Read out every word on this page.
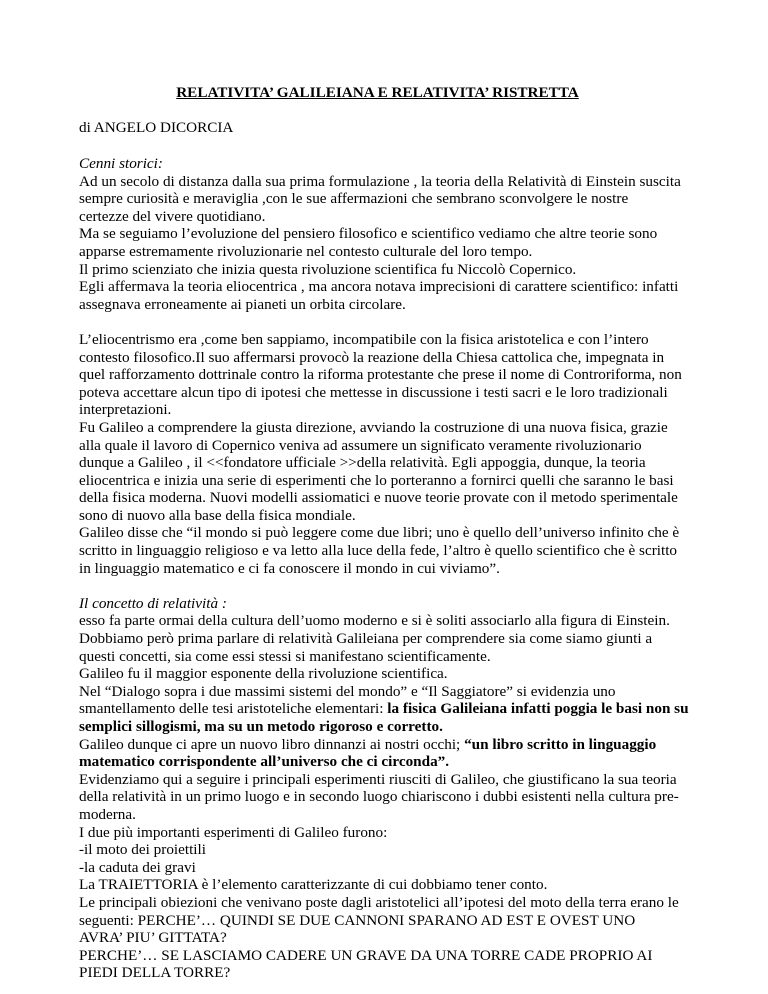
RELATIVITA’ GALILEIANA E RELATIVITA’ RISTRETTA

di ANGELO DICORCIA

Cenni storici:
Ad un secolo di distanza dalla sua prima formulazione , la teoria della Relatività di Einstein suscita
sempre curiosità e meraviglia ,con le sue affermazioni che sembrano sconvolgere le nostre
certezze del vivere quotidiano.
Ma se seguiamo l’evoluzione del pensiero filosofico e scientifico vediamo che altre teorie sono
apparse estremamente rivoluzionarie nel contesto culturale del loro tempo.
Il primo scienziato che inizia questa rivoluzione scientifica fu Niccolò Copernico.
Egli affermava la teoria eliocentrica , ma ancora notava imprecisioni di carattere scientifico: infatti
assegnava erroneamente ai pianeti un orbita circolare.
L’eliocentrismo era ,come ben sappiamo, incompatibile con la fisica aristotelica e con l’intero
contesto filosofico.Il suo affermarsi provocò la reazione della Chiesa cattolica che, impegnata in
quel rafforzamento dottrinale contro la riforma protestante che prese il nome di Controriforma, non
poteva accettare alcun tipo di ipotesi che mettesse in discussione i testi sacri e le loro tradizionali
interpretazioni.
Fu Galileo a comprendere la giusta direzione, avviando la costruzione di una nuova fisica, grazie
alla quale il lavoro di Copernico veniva ad assumere un significato veramente rivoluzionario
dunque a Galileo , il <<fondatore ufficiale >>della relatività. Egli appoggia, dunque, la teoria
eliocentrica e inizia una serie di esperimenti che lo porteranno a fornirci quelli che saranno le basi
della fisica moderna. Nuovi modelli assiomatici e nuove teorie provate con il metodo sperimentale
sono di nuovo alla base della fisica mondiale.
Galileo disse che “il mondo si può leggere come due libri; uno è quello dell’universo infinito che è
scritto in linguaggio religioso e va letto alla luce della fede, l’altro è quello scientifico che è scritto
in linguaggio matematico e ci fa conoscere il mondo in cui viviamo”.
Il concetto di relatività :
esso fa parte ormai della cultura dell’uomo moderno e si è soliti associarlo alla figura di Einstein.
Dobbiamo però prima parlare di relatività Galileiana per comprendere sia come siamo giunti a
questi concetti, sia come essi stessi si manifestano scientificamente.
Galileo fu il maggior esponente della rivoluzione scientifica.
Nel “Dialogo sopra i due massimi sistemi del mondo” e “Il Saggiatore” si evidenzia uno
smantellamento delle tesi aristoteliche elementari: la fisica Galileiana infatti poggia le basi non su
semplici sillogismi, ma su un metodo rigoroso e corretto.
Galileo dunque ci apre un nuovo libro dinnanzi ai nostri occhi; “un libro scritto in linguaggio
matematico corrispondente all’universo che ci circonda”.
Evidenziamo qui a seguire i principali esperimenti riusciti di Galileo, che giustificano la sua teoria
della relatività in un primo luogo e in secondo luogo chiariscono i dubbi esistenti nella cultura pre-
moderna.
I due più importanti esperimenti di Galileo furono:
-il moto dei proiettili
-la caduta dei gravi
La TRAIETTORIA è l’elemento caratterizzante di cui dobbiamo tener conto.
Le principali obiezioni che venivano poste dagli aristotelici all’ipotesi del moto della terra erano le
seguenti: PERCHE’… QUINDI SE DUE CANNONI SPARANO AD EST E OVEST UNO
AVRA’ PIU’ GITTATA?
PERCHE’… SE LASCIAMO CADERE UN GRAVE DA UNA TORRE CADE PROPRIO AI
PIEDI DELLA TORRE?
